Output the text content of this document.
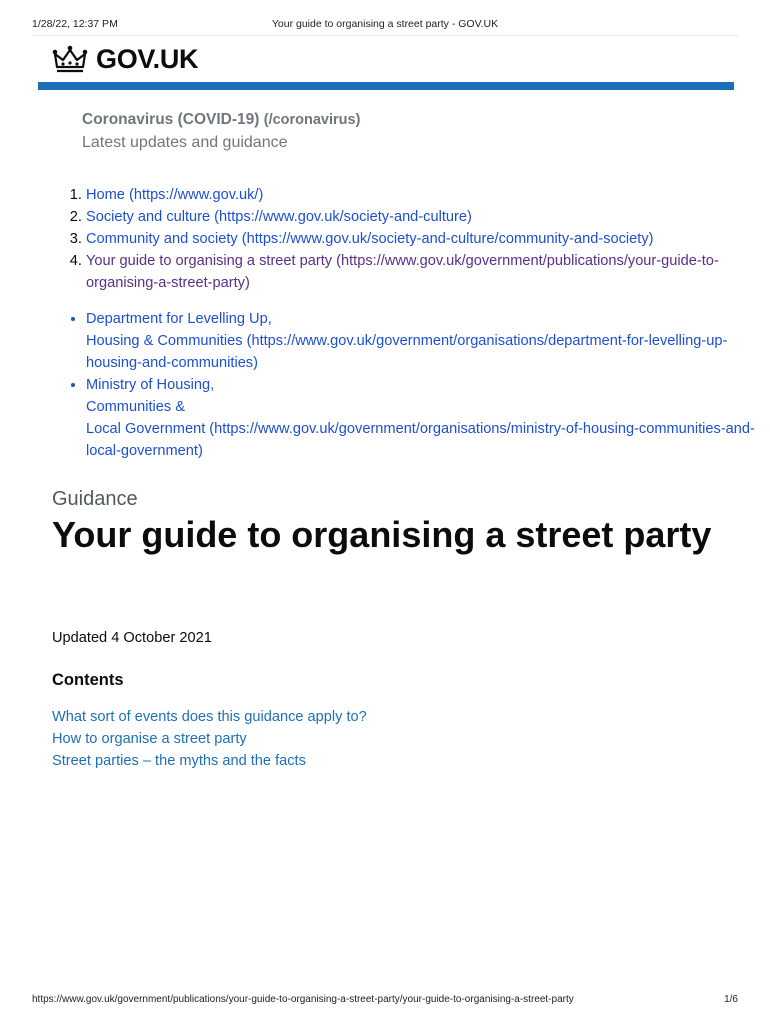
1/28/22, 12:37 PM	Your guide to organising a street party - GOV.UK
GOV.UK
Coronavirus (COVID-19) (/coronavirus)
Latest updates and guidance
1. Home (https://www.gov.uk/)
2. Society and culture (https://www.gov.uk/society-and-culture)
3. Community and society (https://www.gov.uk/society-and-culture/community-and-society)
4. Your guide to organising a street party (https://www.gov.uk/government/publications/your-guide-to-organising-a-street-party)
• Department for Levelling Up,
Housing & Communities (https://www.gov.uk/government/organisations/department-for-levelling-up-housing-and-communities)
• Ministry of Housing,
Communities &
Local Government (https://www.gov.uk/government/organisations/ministry-of-housing-communities-and-local-government)
Guidance
Your guide to organising a street party
Updated 4 October 2021
Contents
What sort of events does this guidance apply to?
How to organise a street party
Street parties – the myths and the facts
https://www.gov.uk/government/publications/your-guide-to-organising-a-street-party/your-guide-to-organising-a-street-party	1/6
